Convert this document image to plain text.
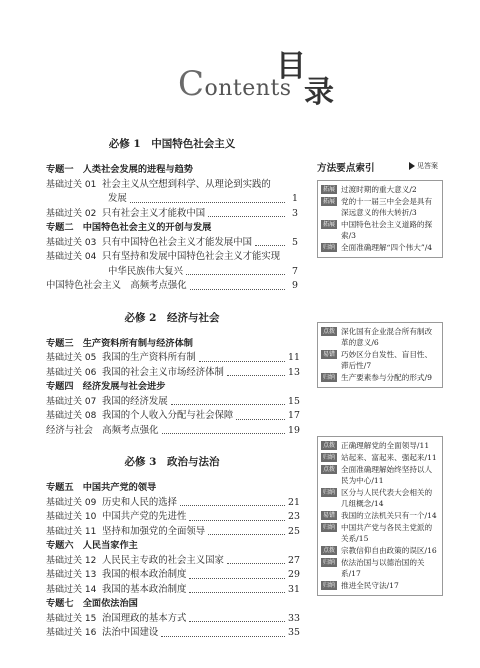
Contents
目
录
必修 1　中国特色社会主义
专题一　人类社会发展的进程与趋势
基础过关 01 社会主义从空想到科学、从理论到实践的
发展	1
基础过关 02 只有社会主义才能救中国	3
专题二　中国特色社会主义的开创与发展
基础过关 03 只有中国特色社会主义才能发展中国	5
基础过关 04 只有坚持和发展中国特色社会主义才能实现
中华民族伟大复兴	7
中国特色社会主义　高频考点强化	9
必修 2　经济与社会
专题三　生产资料所有制与经济体制
基础过关 05 我国的生产资料所有制	11
基础过关 06 我国的社会主义市场经济体制	13
专题四　经济发展与社会进步
基础过关 07 我国的经济发展	15
基础过关 08 我国的个人收入分配与社会保障	17
经济与社会　高频考点强化	19
必修 3　政治与法治
专题五　中国共产党的领导
基础过关 09 历史和人民的选择	21
基础过关 10 中国共产党的先进性	23
基础过关 11 坚持和加强党的全面领导	25
专题六　人民当家作主
基础过关 12 人民民主专政的社会主义国家	27
基础过关 13 我国的根本政治制度	29
基础过关 14 我国的基本政治制度	31
专题七　全面依法治国
基础过关 15 治国理政的基本方式	33
基础过关 16 法治中国建设	35
方法要点索引	见答案
拓展 过渡时期的重大意义/2
拓展 党的十一届三中全会是具有深远意义的伟大转折/3
拓展 中国特色社会主义道路的探索/3
归纳 全面准确理解“四个伟大”/4
点拨 深化国有企业混合所有制改革的意义/6
易错 巧妙区分自发性、盲目性、滞后性/7
归纳 生产要素参与分配的形式/9
点拨 正确理解党的全面领导/11
归纳 站起来、富起来、强起来/11
点拨 全面准确理解始终坚持以人民为中心/11
归纳 区分与人民代表大会相关的几组概念/14
易错 我国的立法机关只有一个/14
归纳 中国共产党与各民主党派的关系/15
点拨 宗教信仰自由政策的误区/16
归纳 依法治国与以德治国的关系/17
归纳 推进全民守法/17
